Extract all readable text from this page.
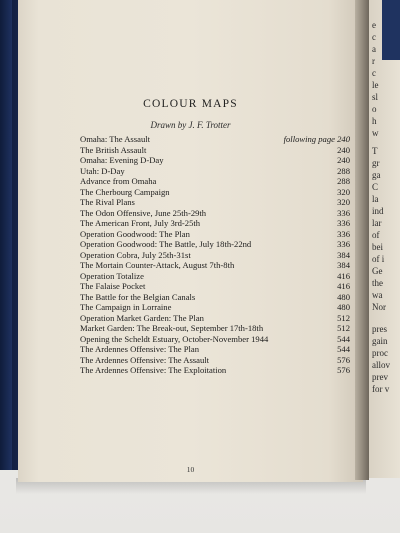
e
c
a
r
c
le
sl
o
h
w
T
gr
ga
C
la
ind
lar
of
bei
of i
Ge
the
wa
Nor
pres
gain
proc
allov
prev
for v
COLOUR MAPS
Drawn by J. F. Trotter
Omaha: The Assault	following page 240
The British Assault	240
Omaha: Evening D-Day	240
Utah: D-Day	288
Advance from Omaha	288
The Cherbourg Campaign	320
The Rival Plans	320
The Odon Offensive, June 25th-29th	336
The American Front, July 3rd-25th	336
Operation Goodwood: The Plan	336
Operation Goodwood: The Battle, July 18th-22nd	336
Operation Cobra, July 25th-31st	384
The Mortain Counter-Attack, August 7th-8th	384
Operation Totalize	416
The Falaise Pocket	416
The Battle for the Belgian Canals	480
The Campaign in Lorraine	480
Operation Market Garden: The Plan	512
Market Garden: The Break-out, September 17th-18th	512
Opening the Scheldt Estuary, October-November 1944	544
The Ardennes Offensive: The Plan	544
The Ardennes Offensive: The Assault	576
The Ardennes Offensive: The Exploitation	576
10
